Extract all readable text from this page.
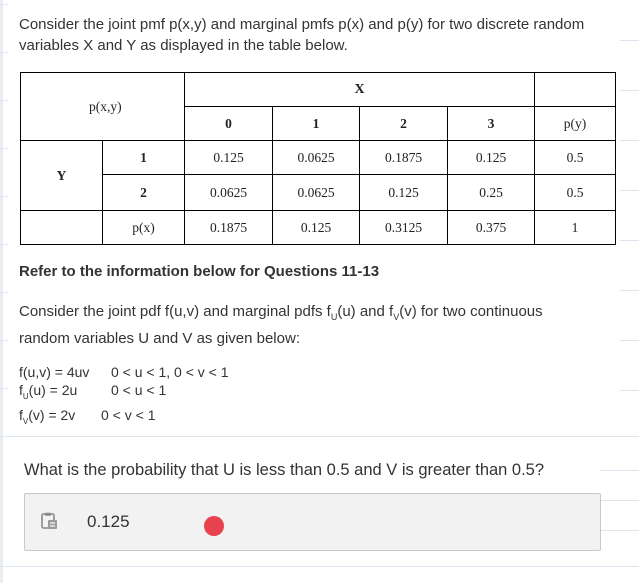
Consider the joint pmf p(x,y) and marginal pmfs p(x) and p(y) for two discrete random variables X and Y as displayed in the table below.
p(x,y)		X				
		0	1	2	3	p(y)
Y	1	0.125	0.0625	0.1875	0.125	0.5
	2	0.0625	0.0625	0.125	0.25	0.5
	p(x)	0.1875	0.125	0.3125	0.375	1
Refer to the information below for Questions 11-13
Consider the joint pdf f(u,v) and marginal pdfs $f_U(u)$ and $f_V(v)$ for two continuous
random variables U and V as given below:
f(u,v) = 4uv 0 < u < 1, 0 < v < 1
$f_U(u) = 2u$ 0 < u < 1
$f_V(v) = 2v$ 0 < v < 1
What is the probability that U is less than 0.5 and V is greater than 0.5?
0.125
